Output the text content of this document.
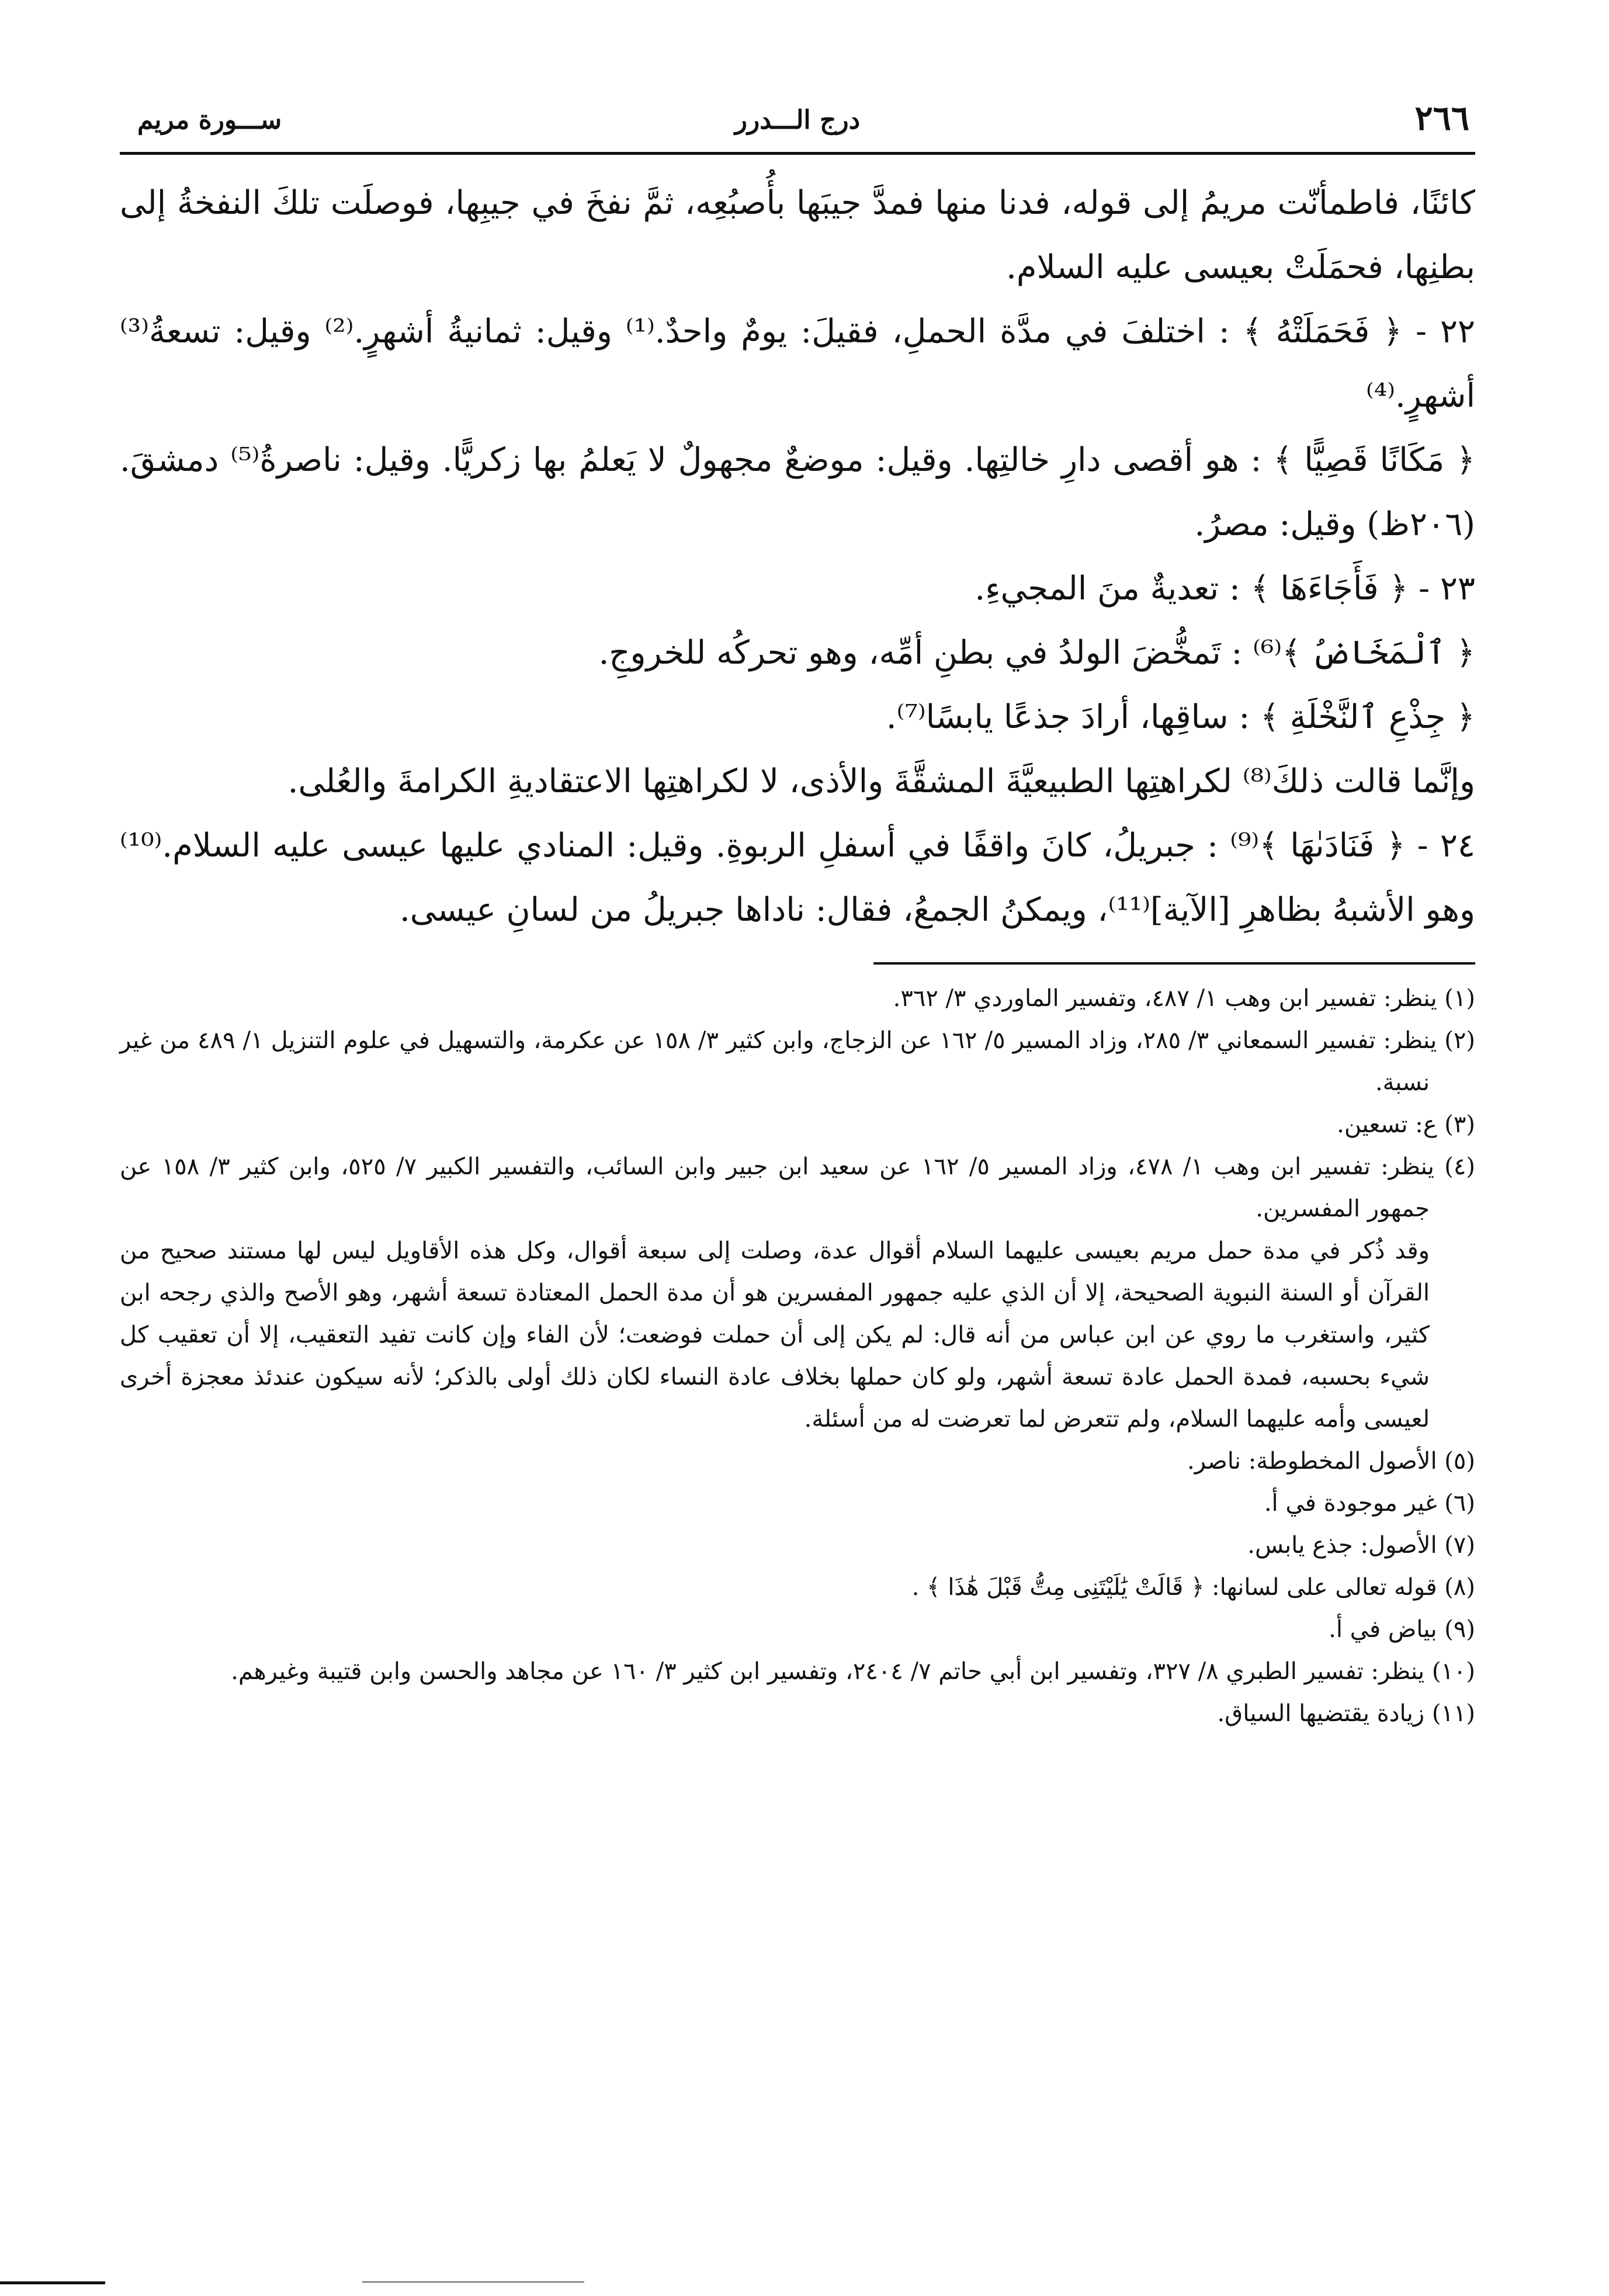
٢٦٦
درج الـــدرر
ســـورة مريم

كائنًا، فاطمأنّت مريمُ إلى قوله، فدنا منها فمدَّ جيبَها بأُصبُعِه، ثمَّ نفخَ في جيبِها، فوصلَت تلكَ النفخةُ إلى بطنِها، فحمَلَتْ بعيسى عليه السلام.

٢٢ - ﴿ فَحَمَلَتْهُ ﴾ : اختلفَ في مدَّة الحملِ، فقيلَ: يومٌ واحدٌ.⁽¹⁾ وقيل: ثمانيةُ أشهرٍ.⁽²⁾ وقيل: تسعةُ⁽³⁾ أشهرٍ.⁽⁴⁾

﴿ مَكَانًا قَصِيًّا ﴾ : هو أقصى دارِ خالتِها. وقيل: موضعٌ مجهولٌ لا يَعلمُ بها زكريًّا. وقيل: ناصرةُ⁽⁵⁾ دمشقَ. (٢٠٦ظ) وقيل: مصرُ.

٢٣ - ﴿ فَأَجَاءَهَا ﴾ : تعديةٌ منَ المجيءِ.

﴿ ٱلْمَخَاضُ ﴾⁽⁶⁾ : تَمخُّضَ الولدُ في بطنِ أمِّه، وهو تحركُه للخروجِ.

﴿ جِذْعِ ٱلنَّخْلَةِ ﴾ : ساقِها، أرادَ جذعًا يابسًا⁽⁷⁾.

وإنَّما قالت ذلكَ⁽⁸⁾ لكراهتِها الطبيعيَّةَ المشقَّةَ والأذى، لا لكراهتِها الاعتقاديةِ الكرامةَ والعُلى.

٢٤ - ﴿ فَنَادَىٰهَا ﴾⁽⁹⁾ : جبريلُ، كانَ واقفًا في أسفلِ الربوةِ. وقيل: المنادي عليها عيسى عليه السلام.⁽¹⁰⁾ وهو الأشبهُ بظاهرِ [الآية]⁽¹¹⁾، ويمكنُ الجمعُ، فقال: ناداها جبريلُ من لسانِ عيسى.

(١) ينظر: تفسير ابن وهب ١/ ٤٨٧، وتفسير الماوردي ٣/ ٣٦٢.

(٢) ينظر: تفسير السمعاني ٣/ ٢٨٥، وزاد المسير ٥/ ١٦٢ عن الزجاج، وابن كثير ٣/ ١٥٨ عن عكرمة، والتسهيل في علوم التنزيل ١/ ٤٨٩ من غير نسبة.

(٣) ع: تسعين.

(٤) ينظر: تفسير ابن وهب ١/ ٤٧٨، وزاد المسير ٥/ ١٦٢ عن سعيد ابن جبير وابن السائب، والتفسير الكبير ٧/ ٥٢٥، وابن كثير ٣/ ١٥٨ عن جمهور المفسرين.

وقد ذُكر في مدة حمل مريم بعيسى عليهما السلام أقوال عدة، وصلت إلى سبعة أقوال، وكل هذه الأقاويل ليس لها مستند صحيح من القرآن أو السنة النبوية الصحيحة، إلا أن الذي عليه جمهور المفسرين هو أن مدة الحمل المعتادة تسعة أشهر، وهو الأصح والذي رجحه ابن كثير، واستغرب ما روي عن ابن عباس من أنه قال: لم يكن إلى أن حملت فوضعت؛ لأن الفاء وإن كانت تفيد التعقيب، إلا أن تعقيب كل شيء بحسبه، فمدة الحمل عادة تسعة أشهر، ولو كان حملها بخلاف عادة النساء لكان ذلك أولى بالذكر؛ لأنه سيكون عندئذ معجزة أخرى لعيسى وأمه عليهما السلام، ولم تتعرض لما تعرضت له من أسئلة.

(٥) الأصول المخطوطة: ناصر.

(٦) غير موجودة في أ.

(٧) الأصول: جذع يابس.

(٨) قوله تعالى على لسانها: ﴿ قَالَتْ يَٰلَيْتَنِى مِتُّ قَبْلَ هَٰذَا ﴾ .

(٩) بياض في أ.

(١٠) ينظر: تفسير الطبري ٨/ ٣٢٧، وتفسير ابن أبي حاتم ٧/ ٢٤٠٤، وتفسير ابن كثير ٣/ ١٦٠ عن مجاهد والحسن وابن قتيبة وغيرهم.

(١١) زيادة يقتضيها السياق.
